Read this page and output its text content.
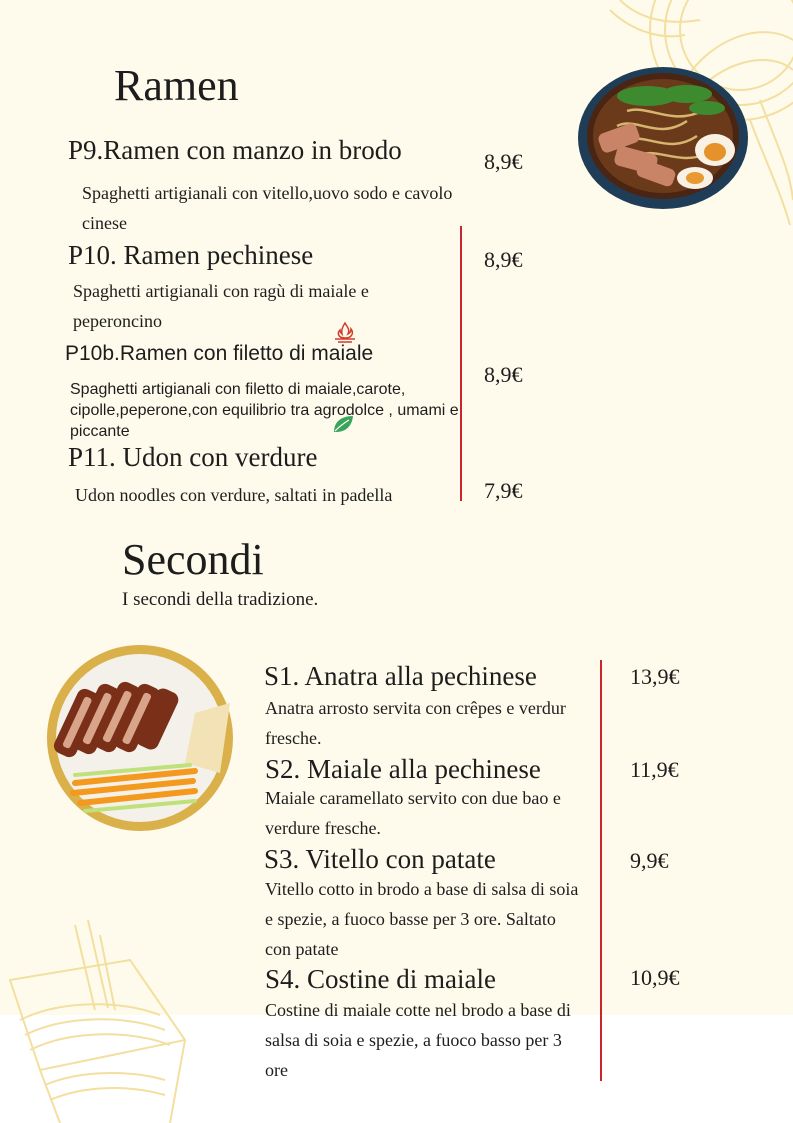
Ramen
P9.Ramen con manzo in brodo
Spaghetti artigianali con vitello,uovo sodo e cavolo cinese
8,9€
P10. Ramen pechinese
Spaghetti artigianali con ragù di maiale e peperoncino
8,9€
P10b.Ramen con filetto di maiale
Spaghetti artigianali con filetto di maiale,carote, cipolle,peperone,con equilibrio tra agrodolce , umami e piccante
8,9€
P11. Udon con verdure
Udon noodles con verdure, saltati in padella	7,9€
Secondi
I secondi della tradizione.
S1. Anatra alla pechinese
Anatra arrosto servita con crêpes e verdur fresche.
13,9€
S2. Maiale alla pechinese
Maiale caramellato servito con due bao e verdure fresche.
11,9€
S3. Vitello con patate
Vitello cotto in brodo a base di salsa di soia e spezie, a fuoco basse per 3 ore. Saltato con patate
9,9€
S4. Costine di maiale
Costine di maiale cotte nel brodo a base di salsa di soia e spezie, a fuoco basso per 3 ore
10,9€
